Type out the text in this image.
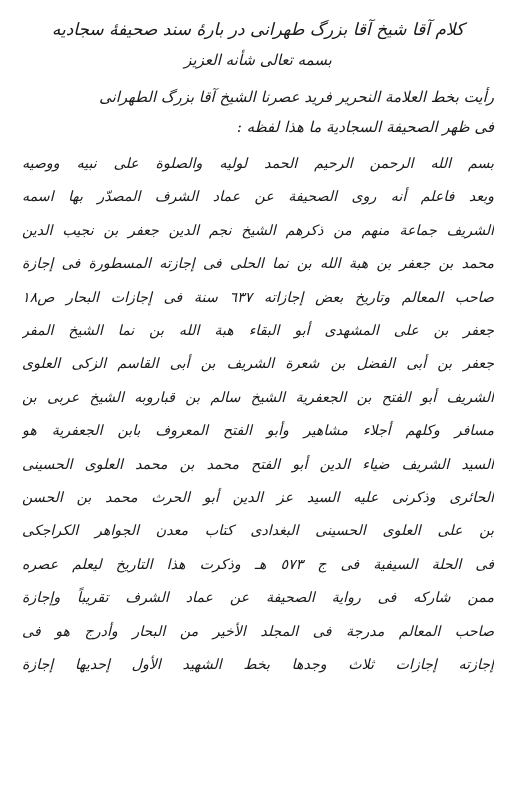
كلام آقا شيخ آقا بزرگ طهرانى در بارۀ سند صحيفۀ سجاديه
بسمه تعالى شأنه العزيز
رأيت بخط العلامة النحرير فريد عصرنا الشيخ آقا بزرگ الطهرانى
فى ظهر الصحيفة السجادية ما هذا لفظه :
بسم الله الرحمن الرحيم الحمد لوليه والصلوة على نبيه ووصيه
وبعد فاعلم أنه روى الصحيفة عن عماد الشرف المصدّر بها اسمه
الشريف جماعة منهم من ذكرهم الشيخ نجم الدين جعفر بن نجيب الدين
محمد بن جعفر بن هبة الله بن نما الحلى فى إجازته المسطورة فى إجازة
صاحب المعالم وتاريخ بعض إجازاته ٦٣٧ سنة فى إجازات البحار ص١٨
جعفر بن على المشهدى أبو البقاء هبة الله بن نما الشيخ المفر
جعفر بن أبى الفضل بن شعرة الشريف بن أبى القاسم الزكى العلوى
الشريف أبو الفتح بن الجعفرية الشيخ سالم بن قباروبه الشيخ عربى بن
مسافر وكلهم أجلاء مشاهير وأبو الفتح المعروف بابن الجعفرية هو
السيد الشريف ضياء الدين أبو الفتح محمد بن محمد العلوى الحسينى
الحائرى وذكرنى عليه السيد عز الدين أبو الحرث محمد بن الحسن
بن على العلوى الحسينى البغدادى كتاب معدن الجواهر الكراجكى
فى الحلة السيفية فى ج ٥٧٣ هـ وذكرت هذا التاريخ ليعلم عصره
ممن شاركه فى رواية الصحيفة عن عماد الشرف تقريباً وإجازة
صاحب المعالم مدرجة فى المجلد الأخير من البحار وأدرج هو فى
إجازته إجازات ثلاث وجدها بخط الشهيد الأول إحديها إجازة
